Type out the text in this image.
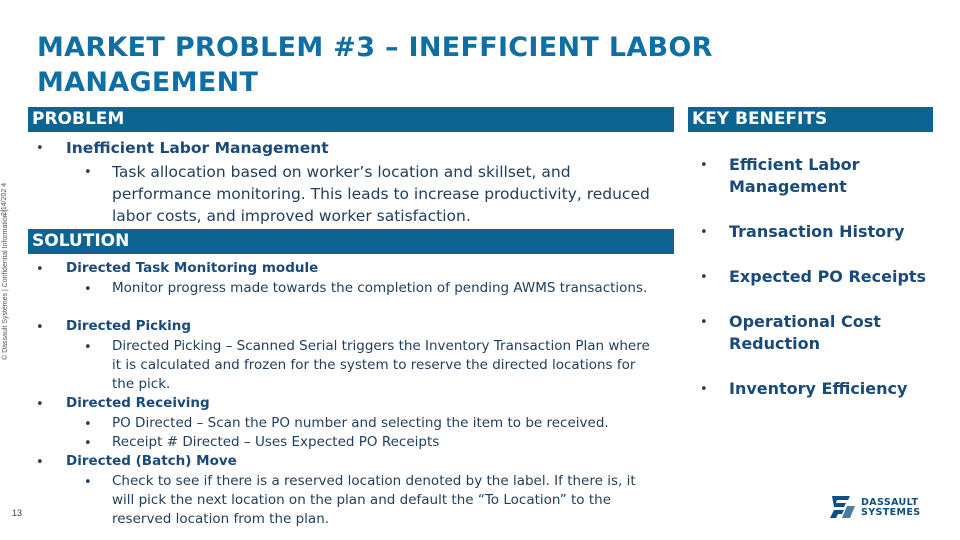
MARKET PROBLEM #3 – INEFFICIENT LABOR MANAGEMENT
PROBLEM
• Inefficient Labor Management
• Task allocation based on worker’s location and skillset, and performance monitoring. This leads to increase productivity, reduced labor costs, and improved worker satisfaction.
SOLUTION
• Directed Task Monitoring module
• Monitor progress made towards the completion of pending AWMS transactions.
• Directed Picking
• Directed Picking – Scanned Serial triggers the Inventory Transaction Plan where it is calculated and frozen for the system to reserve the directed locations for the pick.
• Directed Receiving
• PO Directed – Scan the PO number and selecting the item to be received.
• Receipt # Directed – Uses Expected PO Receipts
• Directed (Batch) Move
• Check to see if there is a reserved location denoted by the label. If there is, it will pick the next location on the plan and default the “To Location” to the reserved location from the plan.
KEY BENEFITS
• Efficient Labor Management
• Transaction History
• Expected PO Receipts
• Operational Cost Reduction
• Inventory Efficiency
© Dassault Systèmes | Confidential Information |
2/14/202 4
13
DASSAULT
SYSTEMES
